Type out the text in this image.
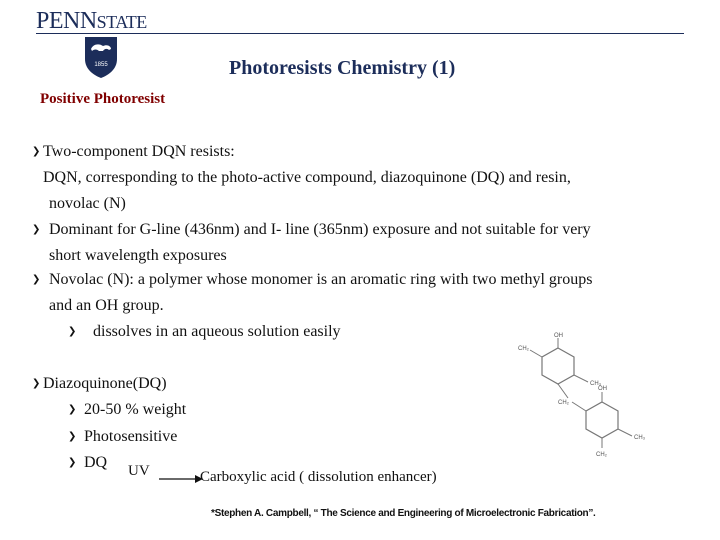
PENNSTATE
1855	Photoresists Chemistry (1)
Positive Photoresist
❯ Two-component DQN resists:
DQN, corresponding to the photo-active compound, diazoquinone (DQ) and resin,
novolac (N)
❯ Dominant for G-line (436nm) and I- line (365nm) exposure and not suitable for very
short wavelength exposures
❯ Novolac (N): a polymer whose monomer is an aromatic ring with two methyl groups
and an OH group.
❯ dissolves in an aqueous solution easily
❯ Diazoquinone(DQ)
❯ 20-50 % weight
❯ Photosensitive
❯ DQ UV →
Carboxylic acid ( dissolution enhancer)
OH
CH₂
CH₃
CH₂
OH
CH₃
CH₂
*Stephen A. Campbell, “ The Science and Engineering of Microelectronic Fabrication”.
